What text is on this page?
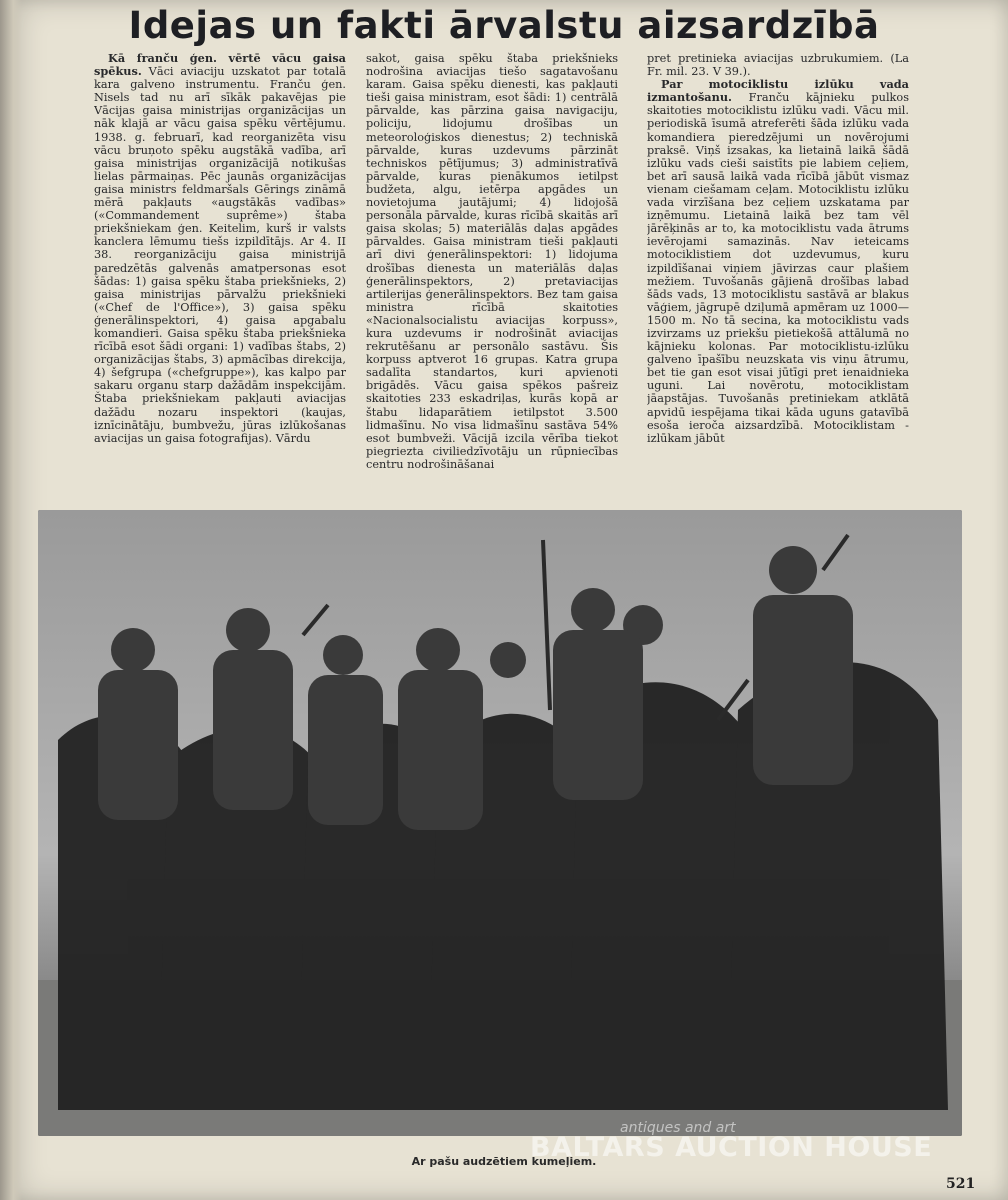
Idejas un fakti ārvalstu aizsardzībā

Kā franču ģen. vērtē vācu gaisa spēkus. Vāci aviaciju uzskatot par totalā kara galveno instrumentu. Franču ģen. Nisels tad nu arī sīkāk pakavējas pie Vācijas gaisa ministrijas organizācijas un nāk klajā ar vācu gaisa spēku vērtējumu. 1938. g. februarī, kad reorganizēta visu vācu bruņoto spēku augstākā vadība, arī gaisa ministrijas organizācijā notikušas lielas pārmaiņas. Pēc jaunās organizācijas gaisa ministrs feldmaršals Gērings zināmā mērā pakļauts «augstākās vadības» («Commandement suprême») štaba priekšniekam ģen. Keitelim, kurš ir valsts kanclera lēmumu tiešs izpildītājs. Ar 4. II 38. reorganizāciju gaisa ministrijā paredzētās galvenās amatpersonas esot šādas: 1) gaisa spēku štaba priekšnieks, 2) gaisa ministrijas pārvalžu priekšnieki («Chef de l'Office»), 3) gaisa spēku ģenerālinspektori, 4) gaisa apgabalu komandieri. Gaisa spēku štaba priekšnieka rīcībā esot šādi organi: 1) vadības štabs, 2) organizācijas štabs, 3) apmācības direkcija, 4) šefgrupa («chefgruppe»), kas kalpo par sakaru organu starp dažādām inspekcijām. Štaba priekšniekam pakļauti aviacijas dažādu nozaru inspektori (kaujas, iznīcinātāju, bumbvežu, jūras izlūkošanas aviacijas un gaisa fotografijas). Vārdu

sakot, gaisa spēku štaba priekšnieks nodrošina aviacijas tiešo sagatavošanu karam. Gaisa spēku dienesti, kas pakļauti tieši gaisa ministram, esot šādi: 1) centrālā pārvalde, kas pārzina gaisa navigaciju, policiju, lidojumu drošības un meteoroloģiskos dienestus; 2) techniskā pārvalde, kuras uzdevums pārzināt techniskos pētījumus; 3) administratīvā pārvalde, kuras pienākumos ietilpst budžeta, algu, ietērpa apgādes un novietojuma jautājumi; 4) lidojošā personāla pārvalde, kuras rīcībā skaitās arī gaisa skolas; 5) materiālās daļas apgādes pārvaldes. Gaisa ministram tieši pakļauti arī divi ģenerālinspektori: 1) lidojuma drošības dienesta un materiālās daļas ģenerālinspektors, 2) pretaviacijas artilerijas ģenerālinspektors. Bez tam gaisa ministra rīcībā skaitoties «Nacionalsocialistu aviacijas korpuss», kura uzdevums ir nodrošināt aviacijas rekrutēšanu ar personālo sastāvu. Šis korpuss aptverot 16 grupas. Katra grupa sadalīta standartos, kuri apvienoti brigādēs. Vācu gaisa spēkos pašreiz skaitoties 233 eskadriļas, kurās kopā ar štabu lidaparātiem ietilpstot 3.500 lidmašīnu. No visa lidmašīnu sastāva 54% esot bumbveži. Vācijā izcila vērība tiekot piegriezta civiliedzīvotāju un rūpniecības centru nodrošināšanai

pret pretinieka aviacijas uzbrukumiem. (La Fr. mil. 23. V 39.).

Par motociklistu izlūku vada izmantošanu. Franču kājnieku pulkos skaitoties motociklistu izlūku vadi. Vācu mil. periodiskā īsumā atreferēti šāda izlūku vada komandiera pieredzējumi un novērojumi praksē. Viņš izsakas, ka lietainā laikā šādā izlūku vads cieši saistīts pie labiem ceļiem, bet arī sausā laikā vada rīcībā jābūt vismaz vienam ciešamam ceļam. Motociklistu izlūku vada virzīšana bez ceļiem uzskatama par izņēmumu. Lietainā laikā bez tam vēl jārēķinās ar to, ka motociklistu vada ātrums ievērojami samazinās. Nav ieteicams motociklistiem dot uzdevumus, kuru izpildīšanai viņiem jāvirzas caur plašiem mežiem. Tuvošanās gājienā drošības labad šāds vads, 13 motociklistu sastāvā ar blakus vāģiem, jāgrupē dziļumā apmēram uz 1000—1500 m. No tā secina, ka motociklistu vads izvirzams uz priekšu pietiekošā attālumā no kājnieku kolonas. Par motociklistu-izlūku galveno īpašību neuzskata vis viņu ātrumu, bet tie gan esot visai jūtīgi pret ienaidnieka uguni. Lai novērotu, motociklistam jāapstājas. Tuvošanās pretiniekam atklātā apvidū iespējama tikai kāda uguns gatavībā esoša ieroča aizsardzībā. Motociklistam - izlūkam jābūt

Ar pašu audzētiem kumeļiem.
antiques and art
BALTARS AUCTION HOUSE
521
